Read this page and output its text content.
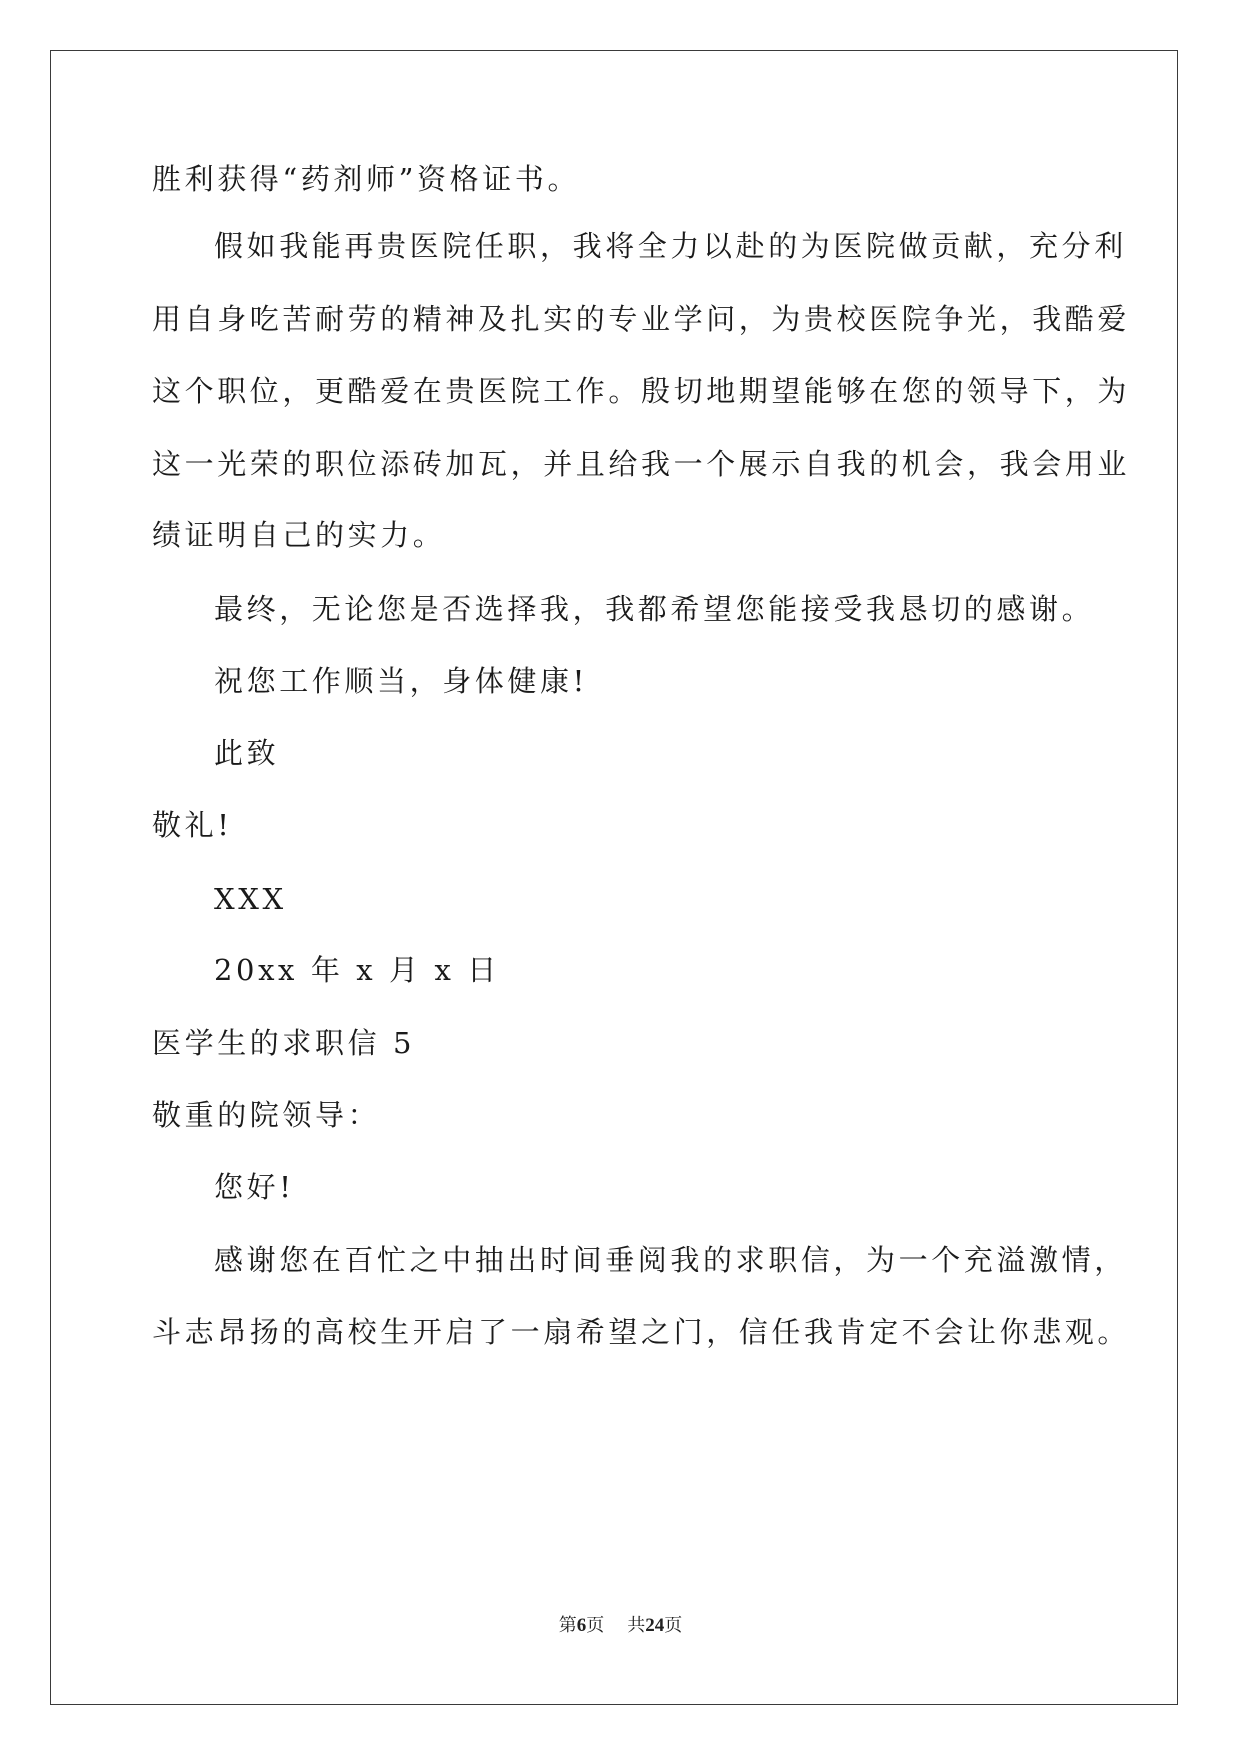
胜利获得“药剂师”资格证书。
假如我能再贵医院任职，我将全力以赴的为医院做贡献，充分利
用自身吃苦耐劳的精神及扎实的专业学问，为贵校医院争光，我酷爱
这个职位，更酷爱在贵医院工作。殷切地期望能够在您的领导下，为
这一光荣的职位添砖加瓦，并且给我一个展示自我的机会，我会用业
绩证明自己的实力。
最终，无论您是否选择我，我都希望您能接受我恳切的感谢。
祝您工作顺当，身体健康!
此致
敬礼!
XXX
20xx 年 x 月 x 日
医学生的求职信 5
敬重的院领导：
您好!
感谢您在百忙之中抽出时间垂阅我的求职信，为一个充溢激情，
斗志昂扬的高校生开启了一扇希望之门，信任我肯定不会让你悲观。
第6页 共24页
